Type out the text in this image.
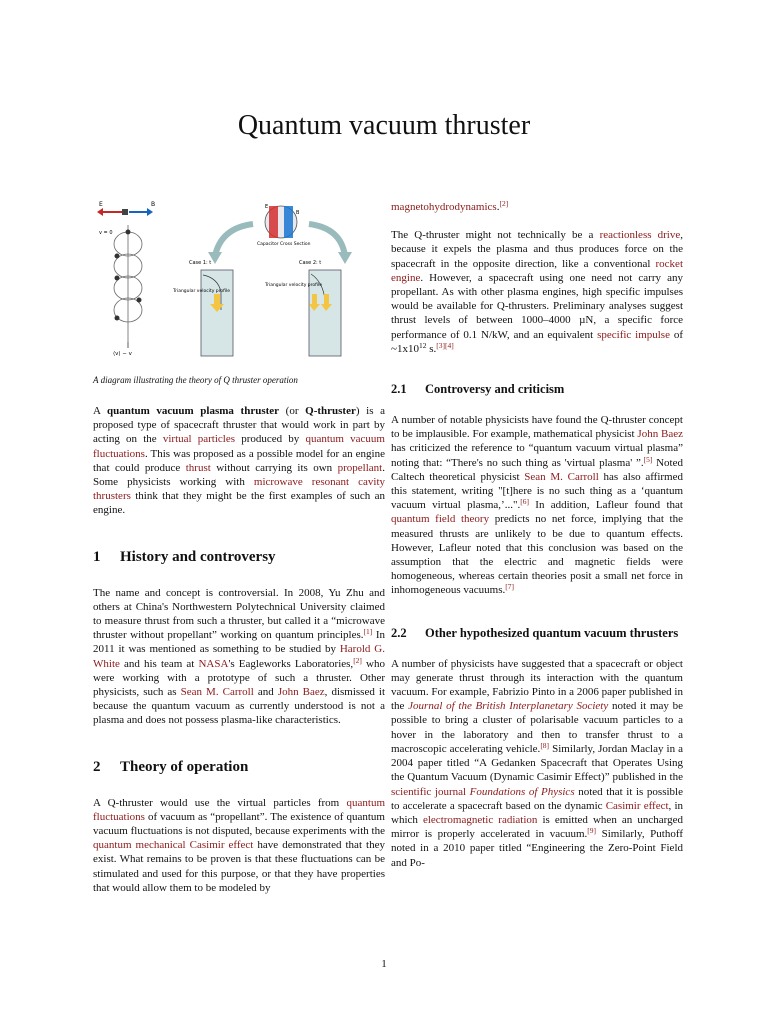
Quantum vacuum thruster
E	B
v = 0
⟨v⟩ − v
E
B
Capacitor Cross Section
Case 1: t	Case 2: t
Triangular velocity profile
Triangular velocity profile
A diagram illustrating the theory of Q thruster operation

A quantum vacuum plasma thruster (or Q-thruster) is a proposed type of spacecraft thruster that would work in part by acting on the virtual particles produced by quantum vacuum fluctuations. This was proposed as a possible model for an engine that could produce thrust without carrying its own propellant. Some physicists working with microwave resonant cavity thrusters think that they might be the first examples of such an engine.

1 History and controversy

The name and concept is controversial. In 2008, Yu Zhu and others at China's Northwestern Polytechnical University claimed to measure thrust from such a thruster, but called it a “microwave thruster without propellant” working on quantum principles.[1] In 2011 it was mentioned as something to be studied by Harold G. White and his team at NASA's Eagleworks Laboratories,[2] who were working with a prototype of such a thruster. Other physicists, such as Sean M. Carroll and John Baez, dismissed it because the quantum vacuum as currently understood is not a plasma and does not possess plasma-like characteristics.

2 Theory of operation

A Q-thruster would use the virtual particles from quantum fluctuations of vacuum as “propellant”. The existence of quantum vacuum fluctuations is not disputed, because experiments with the quantum mechanical Casimir effect have demonstrated that they exist. What remains to be proven is that these fluctuations can be stimulated and used for this purpose, or that they have properties that would allow them to be modeled by

magnetohydrodynamics.[2]

The Q-thruster might not technically be a reactionless drive, because it expels the plasma and thus produces force on the spacecraft in the opposite direction, like a conventional rocket engine. However, a spacecraft using one need not carry any propellant. As with other plasma engines, high specific impulses would be available for Q-thrusters. Preliminary analyses suggest thrust levels of between 1000–4000 µN, a specific force performance of 0.1 N/kW, and an equivalent specific impulse of $\sim 1x10^{12}$ s.[3][4]

2.1	Controversy and criticism

A number of notable physicists have found the Q-thruster concept to be implausible. For example, mathematical physicist John Baez has criticized the reference to “quantum vacuum virtual plasma” noting that: “There's no such thing as 'virtual plasma' ”.[5] Noted Caltech theoretical physicist Sean M. Carroll has also affirmed this statement, writing "[t]here is no such thing as a ‘quantum vacuum virtual plasma,’...".[6] In addition, Lafleur found that quantum field theory predicts no net force, implying that the measured thrusts are unlikely to be due to quantum effects. However, Lafleur noted that this conclusion was based on the assumption that the electric and magnetic fields were homogeneous, whereas certain theories posit a small net force in inhomogeneous vacuums.[7]

2.2	Other hypothesized quantum vacuum thrusters

A number of physicists have suggested that a spacecraft or object may generate thrust through its interaction with the quantum vacuum. For example, Fabrizio Pinto in a 2006 paper published in the Journal of the British Interplanetary Society noted it may be possible to bring a cluster of polarisable vacuum particles to a hover in the laboratory and then to transfer thrust to a macroscopic accelerating vehicle.[8] Similarly, Jordan Maclay in a 2004 paper titled “A Gedanken Spacecraft that Operates Using the Quantum Vacuum (Dynamic Casimir Effect)” published in the scientific journal Foundations of Physics noted that it is possible to accelerate a spacecraft based on the dynamic Casimir effect, in which electromagnetic radiation is emitted when an uncharged mirror is properly accelerated in vacuum.[9] Similarly, Puthoff noted in a 2010 paper titled “Engineering the Zero-Point Field and Po-

1
